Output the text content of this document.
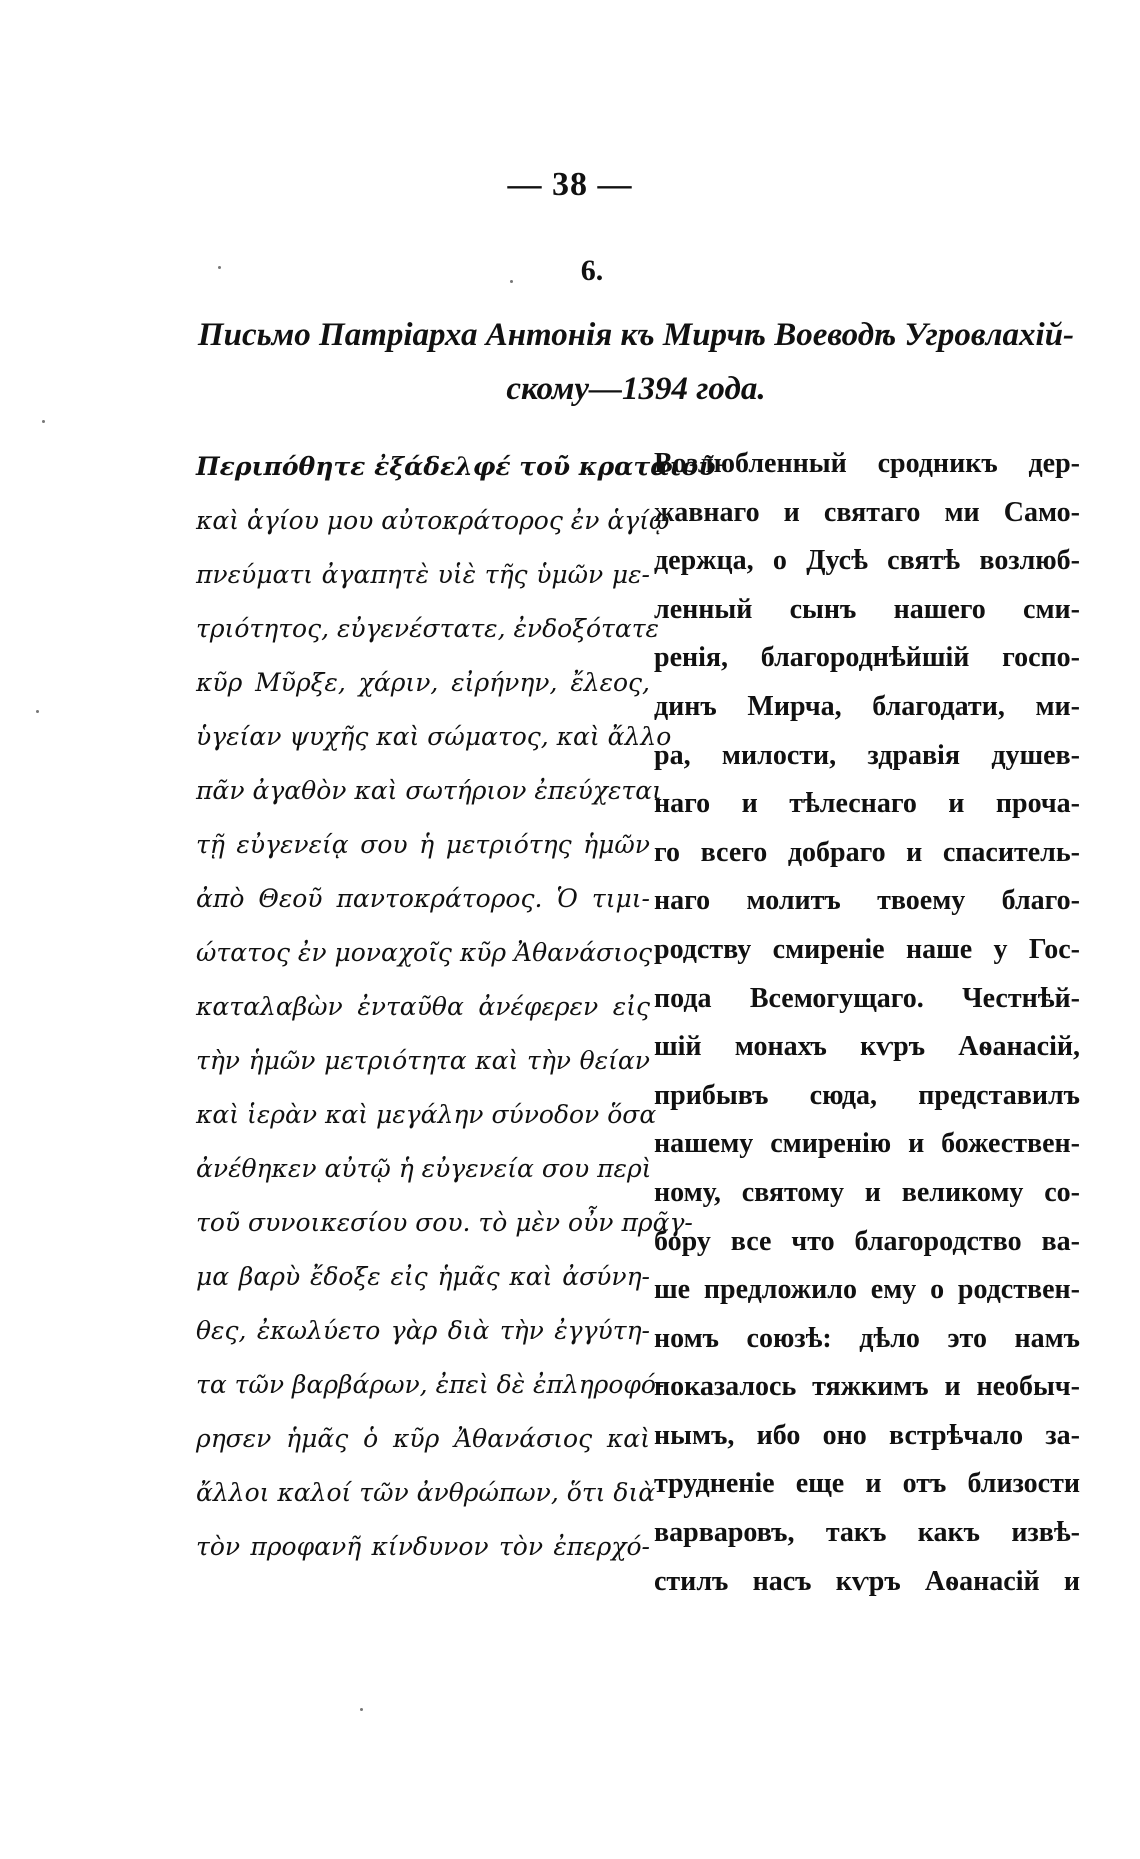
— 38 —
6.
Письмо Патріарха Антонія къ Мирчѣ Воеводѣ Угровлахій-
скому—1394 года.
Περιπόθητε ἐξάδελφέ τοῦ κραταιοῦ
καὶ ἁγίου μου αὐτοκράτορος ἐν ἁγίῳ
πνεύματι ἀγαπητὲ υἱὲ τῆς ὑμῶν με-
τριότητος, εὐγενέστατε, ἐνδοξότατε
κῦρ Μῦρξε, χάριν, εἰρήνην, ἔλεος,
ὑγείαν ψυχῆς καὶ σώματος, καὶ ἄλλο
πᾶν ἀγαθὸν καὶ σωτήριον ἐπεύχεται
τῇ εὐγενείᾳ σου ἡ μετριότης ἡμῶν
ἀπὸ Θεοῦ παντοκράτορος. Ὁ τιμι-
ώτατος ἐν μοναχοῖς κῦρ Ἀθανάσιος
καταλαβὼν ἐνταῦθα ἀνέφερεν εἰς
τὴν ἡμῶν μετριότητα καὶ τὴν θείαν
καὶ ἱερὰν καὶ μεγάλην σύνοδον ὅσα
ἀνέθηκεν αὐτῷ ἡ εὐγενεία σου περὶ
τοῦ συνοικεσίου σου. τὸ μὲν οὖν πρᾶγ-
μα βαρὺ ἔδοξε εἰς ἡμᾶς καὶ ἀσύνη-
θες, ἐκωλύετο γὰρ διὰ τὴν ἐγγύτη-
τα τῶν βαρβάρων, ἐπεὶ δὲ ἐπληροφό-
ρησεν ἡμᾶς ὁ κῦρ Ἀθανάσιος καὶ
ἄλλοι καλοί τῶν ἀνθρώπων, ὅτι διὰ
τὸν προφανῆ κίνδυνον τὸν ἐπερχό-
Возлюбленный сродникъ дер-
жавнаго и святаго ми Само-
держца, о Дусѣ святѣ возлюб-
ленный сынъ нашего сми-
ренія, благороднѣйшій госпо-
динъ Мирча, благодати, ми-
ра, милости, здравія душев-
наго и тѣлеснаго и проча-
го всего добраго и спаситель-
наго молитъ твоему благо-
родству смиреніе наше у Гос-
пода Всемогущаго. Честнѣй-
шій монахъ кѵръ Аѳанасій,
прибывъ сюда, представилъ
нашему смиренію и божествен-
ному, святому и великому со-
бору все что благородство ва-
ше предложило ему о родствен-
номъ союзѣ: дѣло это намъ
показалось тяжкимъ и необыч-
нымъ, ибо оно встрѣчало за-
трудненіе еще и отъ близости
варваровъ, такъ какъ извѣ-
стилъ насъ кѵръ Аѳанасій и
